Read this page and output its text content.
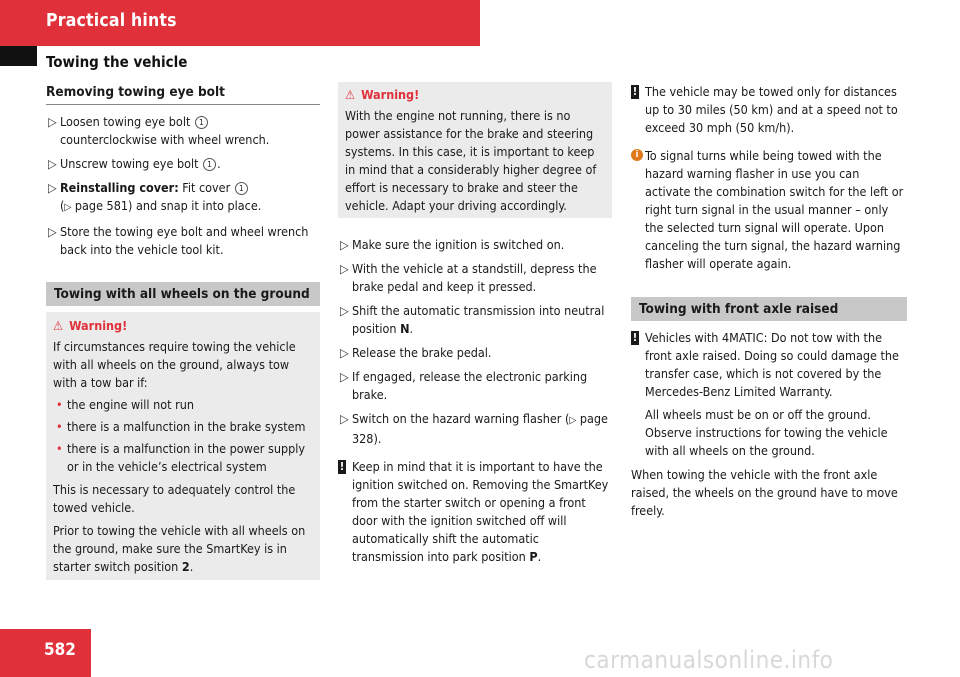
Practical hints
Towing the vehicle
Removing towing eye bolt
▷ Loosen towing eye bolt 1
counterclockwise with wheel wrench.
▷ Unscrew towing eye bolt 1 .
▷ Reinstalling cover: Fit cover 1
(▷ page 581) and snap it into place.
▷ Store the towing eye bolt and wheel wrench back into the vehicle tool kit.
Towing with all wheels on the ground
⚠ Warning!
If circumstances require towing the vehicle with all wheels on the ground, always tow with a tow bar if:
• the engine will not run
• there is a malfunction in the brake system
• there is a malfunction in the power supply or in the vehicle’s electrical system

This is necessary to adequately control the towed vehicle.

Prior to towing the vehicle with all wheels on the ground, make sure the SmartKey is in starter switch position 2.

⚠ Warning!
With the engine not running, there is no power assistance for the brake and steering systems. In this case, it is important to keep in mind that a considerably higher degree of effort is necessary to brake and steer the vehicle. Adapt your driving accordingly.
▷ Make sure the ignition is switched on.
▷ With the vehicle at a standstill, depress the brake pedal and keep it pressed.
▷ Shift the automatic transmission into neutral position N.
▷ Release the brake pedal.
▷ If engaged, release the electronic parking brake.
▷ Switch on the hazard warning flasher (▷ page 328).
! Keep in mind that it is important to have the ignition switched on. Removing the SmartKey from the starter switch or opening a front door with the ignition switched off will automatically shift the automatic transmission into park position P.
! The vehicle may be towed only for distances up to 30 miles (50 km) and at a speed not to exceed 30 mph (50 km/h).
i To signal turns while being towed with the hazard warning flasher in use you can activate the combination switch for the left or right turn signal in the usual manner – only the selected turn signal will operate. Upon canceling the turn signal, the hazard warning flasher will operate again.
Towing with front axle raised
! Vehicles with 4MATIC: Do not tow with the front axle raised. Doing so could damage the transfer case, which is not covered by the Mercedes-Benz Limited Warranty.
All wheels must be on or off the ground. Observe instructions for towing the vehicle with all wheels on the ground.

When towing the vehicle with the front axle raised, the wheels on the ground have to move freely.

582	carmanualsonline.info
